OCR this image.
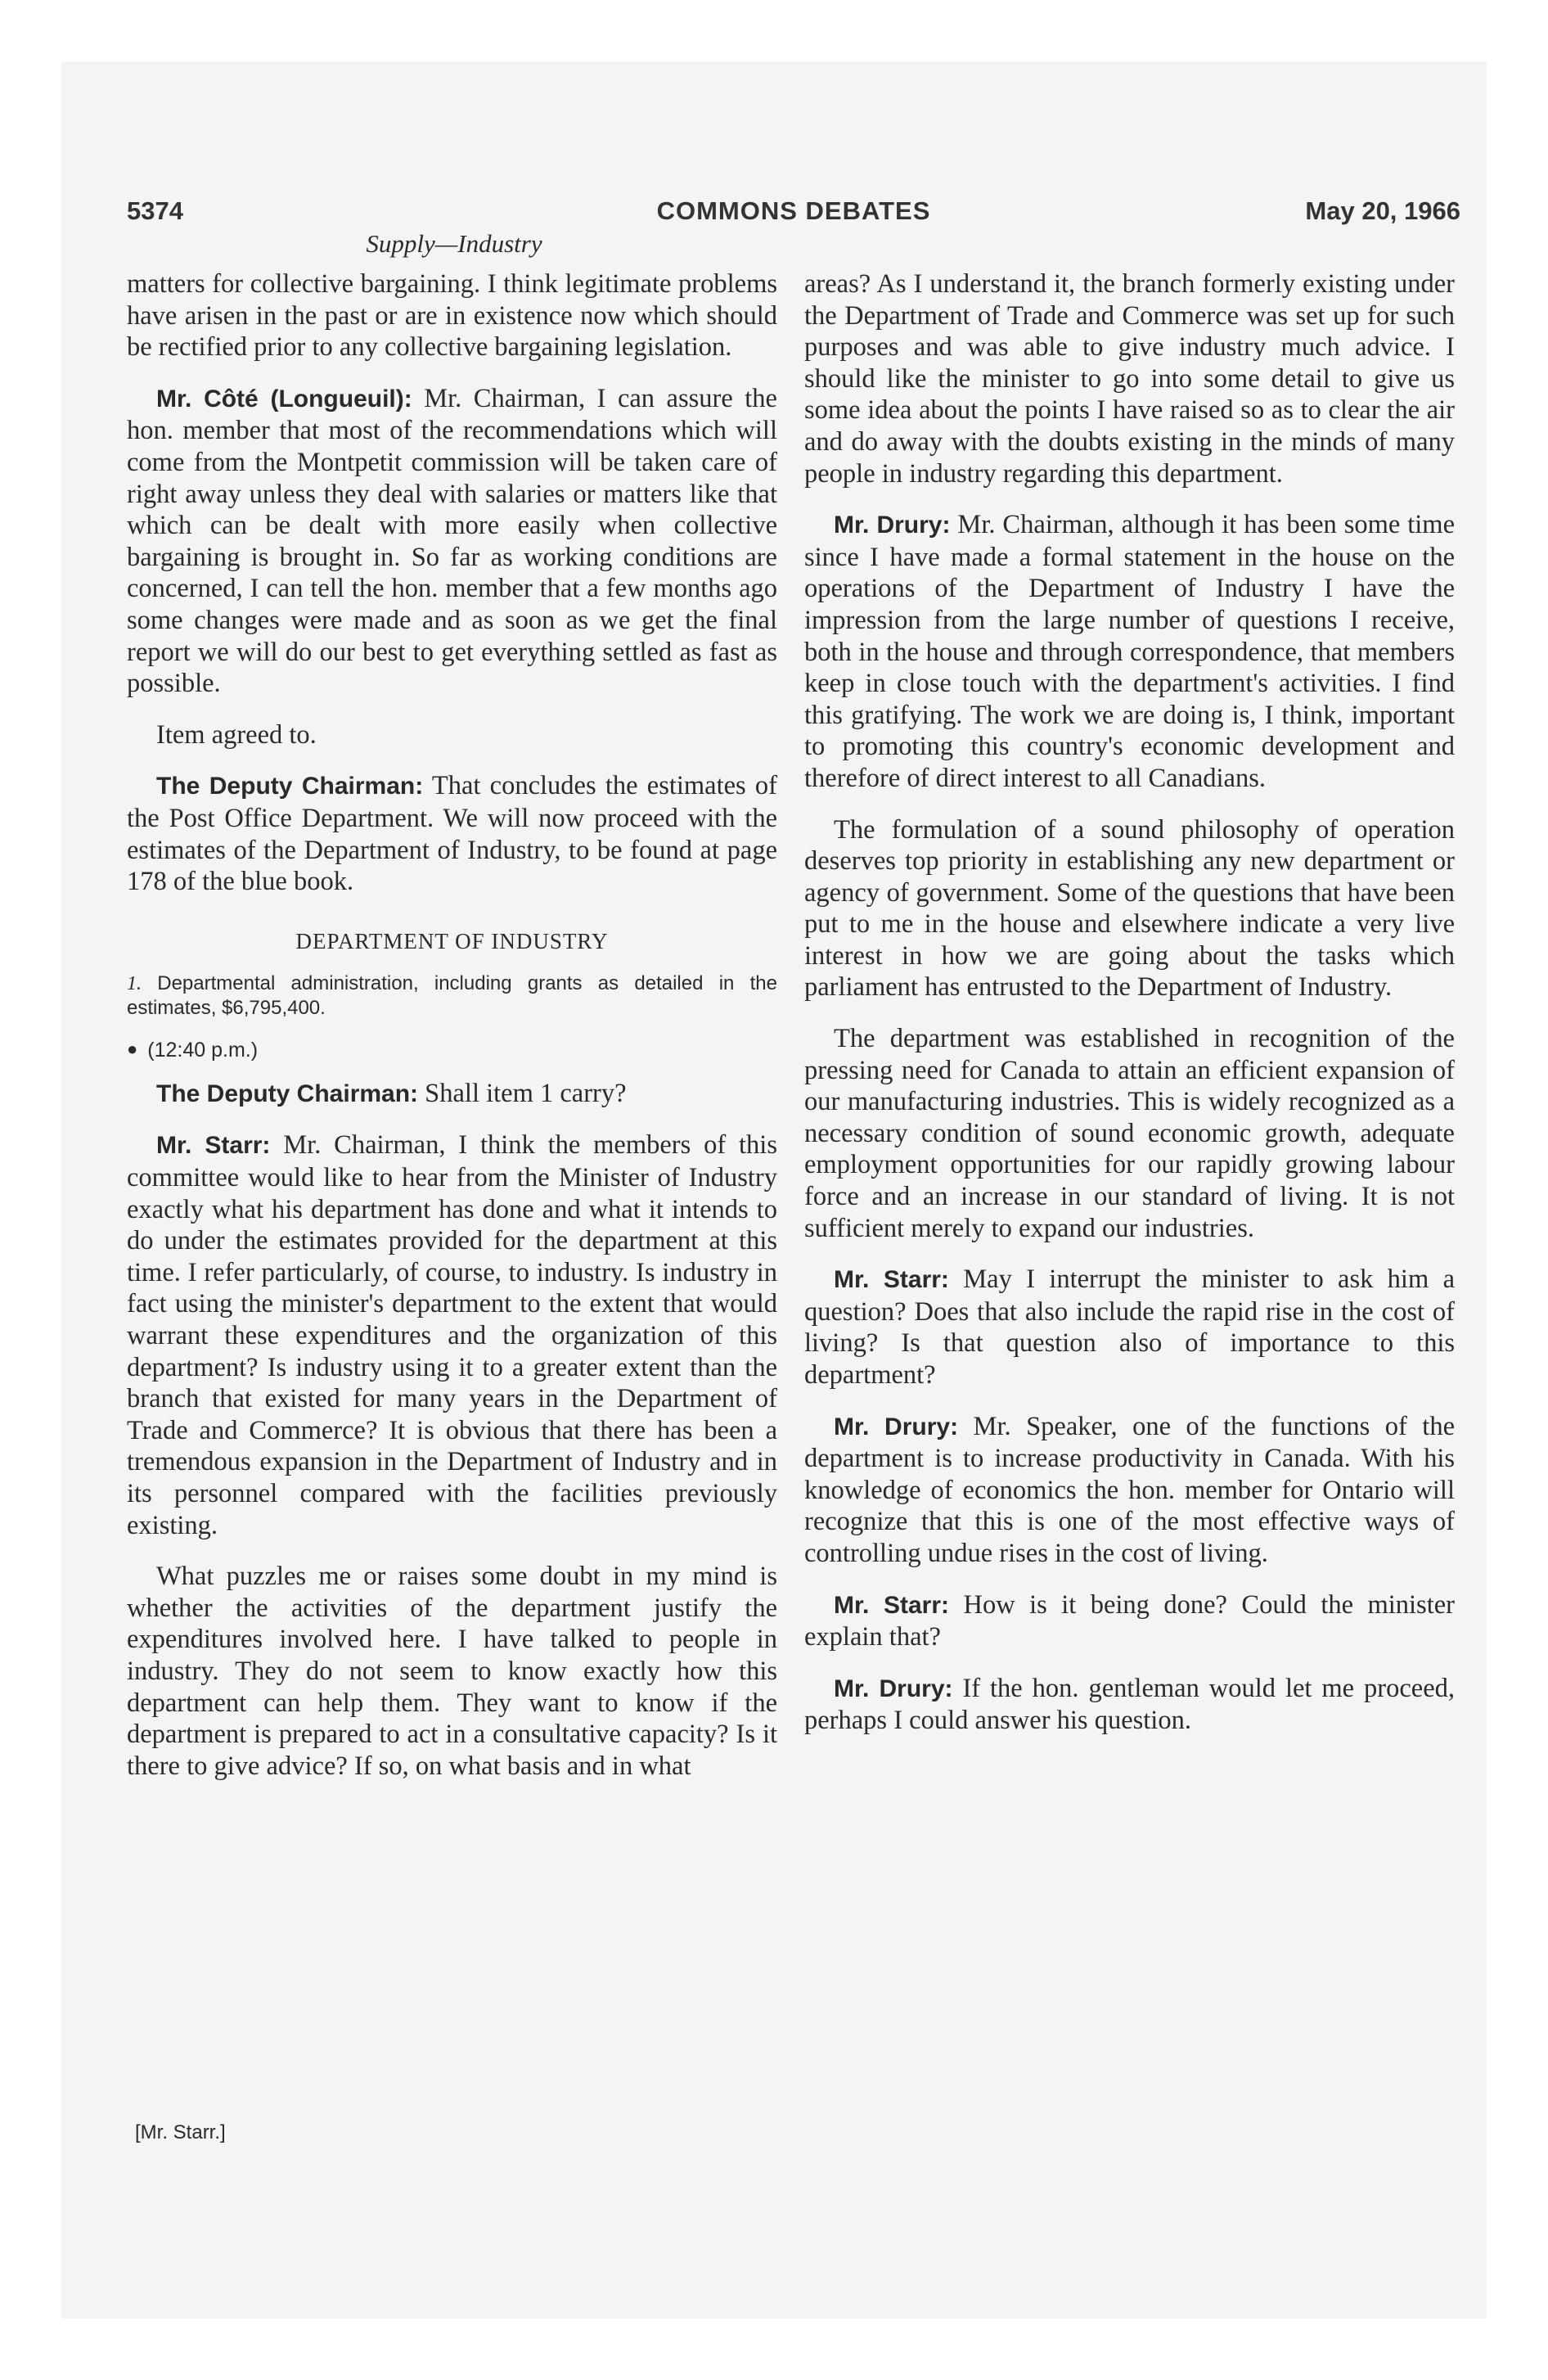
5374	COMMONS DEBATES	May 20, 1966
Supply—Industry

matters for collective bargaining. I think legitimate problems have arisen in the past or are in existence now which should be rectified prior to any collective bargaining legislation.

Mr. Côté (Longueuil): Mr. Chairman, I can assure the hon. member that most of the recommendations which will come from the Montpetit commission will be taken care of right away unless they deal with salaries or matters like that which can be dealt with more easily when collective bargaining is brought in. So far as working conditions are concerned, I can tell the hon. member that a few months ago some changes were made and as soon as we get the final report we will do our best to get everything settled as fast as possible.

Item agreed to.

The Deputy Chairman: That concludes the estimates of the Post Office Department. We will now proceed with the estimates of the Department of Industry, to be found at page 178 of the blue book.

DEPARTMENT OF INDUSTRY

1. Departmental administration, including grants as detailed in the estimates, $6,795,400.

● (12:40 p.m.)

The Deputy Chairman: Shall item 1 carry?

Mr. Starr: Mr. Chairman, I think the members of this committee would like to hear from the Minister of Industry exactly what his department has done and what it intends to do under the estimates provided for the department at this time. I refer particularly, of course, to industry. Is industry in fact using the minister's department to the extent that would warrant these expenditures and the organization of this department? Is industry using it to a greater extent than the branch that existed for many years in the Department of Trade and Commerce? It is obvious that there has been a tremendous expansion in the Department of Industry and in its personnel compared with the facilities previously existing.

What puzzles me or raises some doubt in my mind is whether the activities of the department justify the expenditures involved here. I have talked to people in industry. They do not seem to know exactly how this department can help them. They want to know if the department is prepared to act in a consultative capacity? Is it there to give advice? If so, on what basis and in what

[Mr. Starr.]

areas? As I understand it, the branch formerly existing under the Department of Trade and Commerce was set up for such purposes and was able to give industry much advice. I should like the minister to go into some detail to give us some idea about the points I have raised so as to clear the air and do away with the doubts existing in the minds of many people in industry regarding this department.

Mr. Drury: Mr. Chairman, although it has been some time since I have made a formal statement in the house on the operations of the Department of Industry I have the impression from the large number of questions I receive, both in the house and through correspondence, that members keep in close touch with the department's activities. I find this gratifying. The work we are doing is, I think, important to promoting this country's economic development and therefore of direct interest to all Canadians.

The formulation of a sound philosophy of operation deserves top priority in establishing any new department or agency of government. Some of the questions that have been put to me in the house and elsewhere indicate a very live interest in how we are going about the tasks which parliament has entrusted to the Department of Industry.

The department was established in recognition of the pressing need for Canada to attain an efficient expansion of our manufacturing industries. This is widely recognized as a necessary condition of sound economic growth, adequate employment opportunities for our rapidly growing labour force and an increase in our standard of living. It is not sufficient merely to expand our industries.

Mr. Starr: May I interrupt the minister to ask him a question? Does that also include the rapid rise in the cost of living? Is that question also of importance to this department?

Mr. Drury: Mr. Speaker, one of the functions of the department is to increase productivity in Canada. With his knowledge of economics the hon. member for Ontario will recognize that this is one of the most effective ways of controlling undue rises in the cost of living.

Mr. Starr: How is it being done? Could the minister explain that?

Mr. Drury: If the hon. gentleman would let me proceed, perhaps I could answer his question.
